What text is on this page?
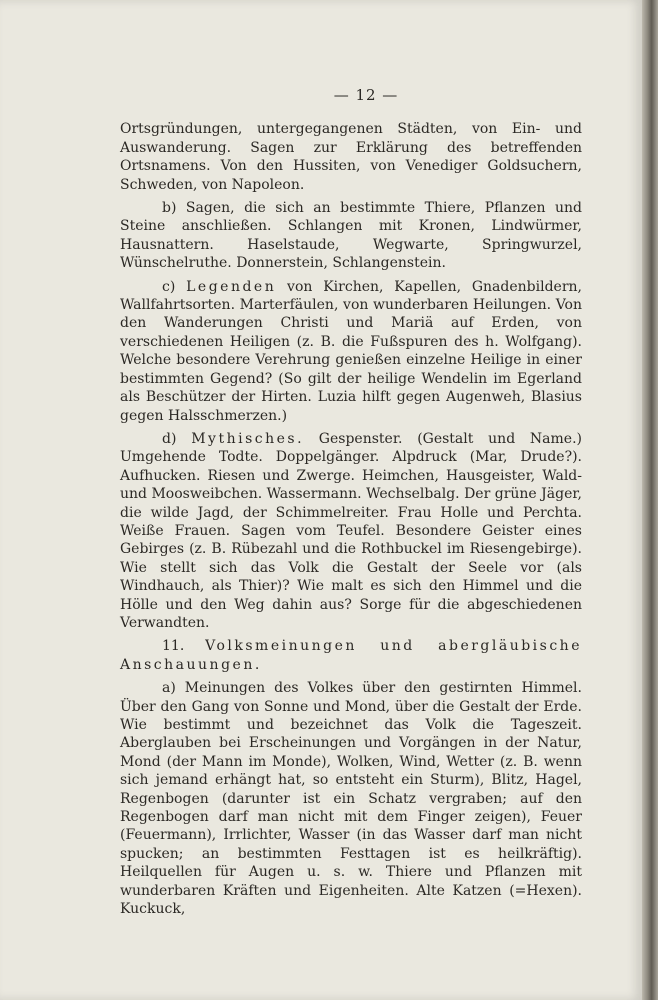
— 12 —

Ortsgründungen, untergegangenen Städten, von Ein- und Auswanderung. Sagen zur Erklärung des betreffenden Ortsnamens. Von den Hussiten, von Venediger Goldsuchern, Schweden, von Napoleon.

b) Sagen, die sich an bestimmte Thiere, Pflanzen und Steine anschließen. Schlangen mit Kronen, Lindwürmer, Hausnattern. Haselstaude, Wegwarte, Springwurzel, Wünschelruthe. Donnerstein, Schlangenstein.

c) Legenden von Kirchen, Kapellen, Gnadenbildern, Wallfahrtsorten. Marterfäulen, von wunderbaren Heilungen. Von den Wanderungen Christi und Mariä auf Erden, von verschiedenen Heiligen (z. B. die Fußspuren des h. Wolfgang). Welche besondere Verehrung genießen einzelne Heilige in einer bestimmten Gegend? (So gilt der heilige Wendelin im Egerland als Beschützer der Hirten. Luzia hilft gegen Augenweh, Blasius gegen Halsschmerzen.)

d) Mythisches. Gespenster. (Gestalt und Name.) Umgehende Todte. Doppelgänger. Alpdruck (Mar, Drude?). Aufhucken. Riesen und Zwerge. Heimchen, Hausgeister, Wald- und Moosweibchen. Wassermann. Wechselbalg. Der grüne Jäger, die wilde Jagd, der Schimmelreiter. Frau Holle und Perchta. Weiße Frauen. Sagen vom Teufel. Besondere Geister eines Gebirges (z. B. Rübezahl und die Rothbuckel im Riesengebirge). Wie stellt sich das Volk die Gestalt der Seele vor (als Windhauch, als Thier)? Wie malt es sich den Himmel und die Hölle und den Weg dahin aus? Sorge für die abgeschiedenen Verwandten.

11. Volksmeinungen und abergläubische Anschauungen.

a) Meinungen des Volkes über den gestirnten Himmel. Über den Gang von Sonne und Mond, über die Gestalt der Erde. Wie bestimmt und bezeichnet das Volk die Tageszeit. Aberglauben bei Erscheinungen und Vorgängen in der Natur, Mond (der Mann im Monde), Wolken, Wind, Wetter (z. B. wenn sich jemand erhängt hat, so entsteht ein Sturm), Blitz, Hagel, Regenbogen (darunter ist ein Schatz vergraben; auf den Regenbogen darf man nicht mit dem Finger zeigen), Feuer (Feuermann), Irrlichter, Wasser (in das Wasser darf man nicht spucken; an bestimmten Festtagen ist es heilkräftig). Heilquellen für Augen u. s. w. Thiere und Pflanzen mit wunderbaren Kräften und Eigenheiten. Alte Katzen (=Hexen). Kuckuck,
